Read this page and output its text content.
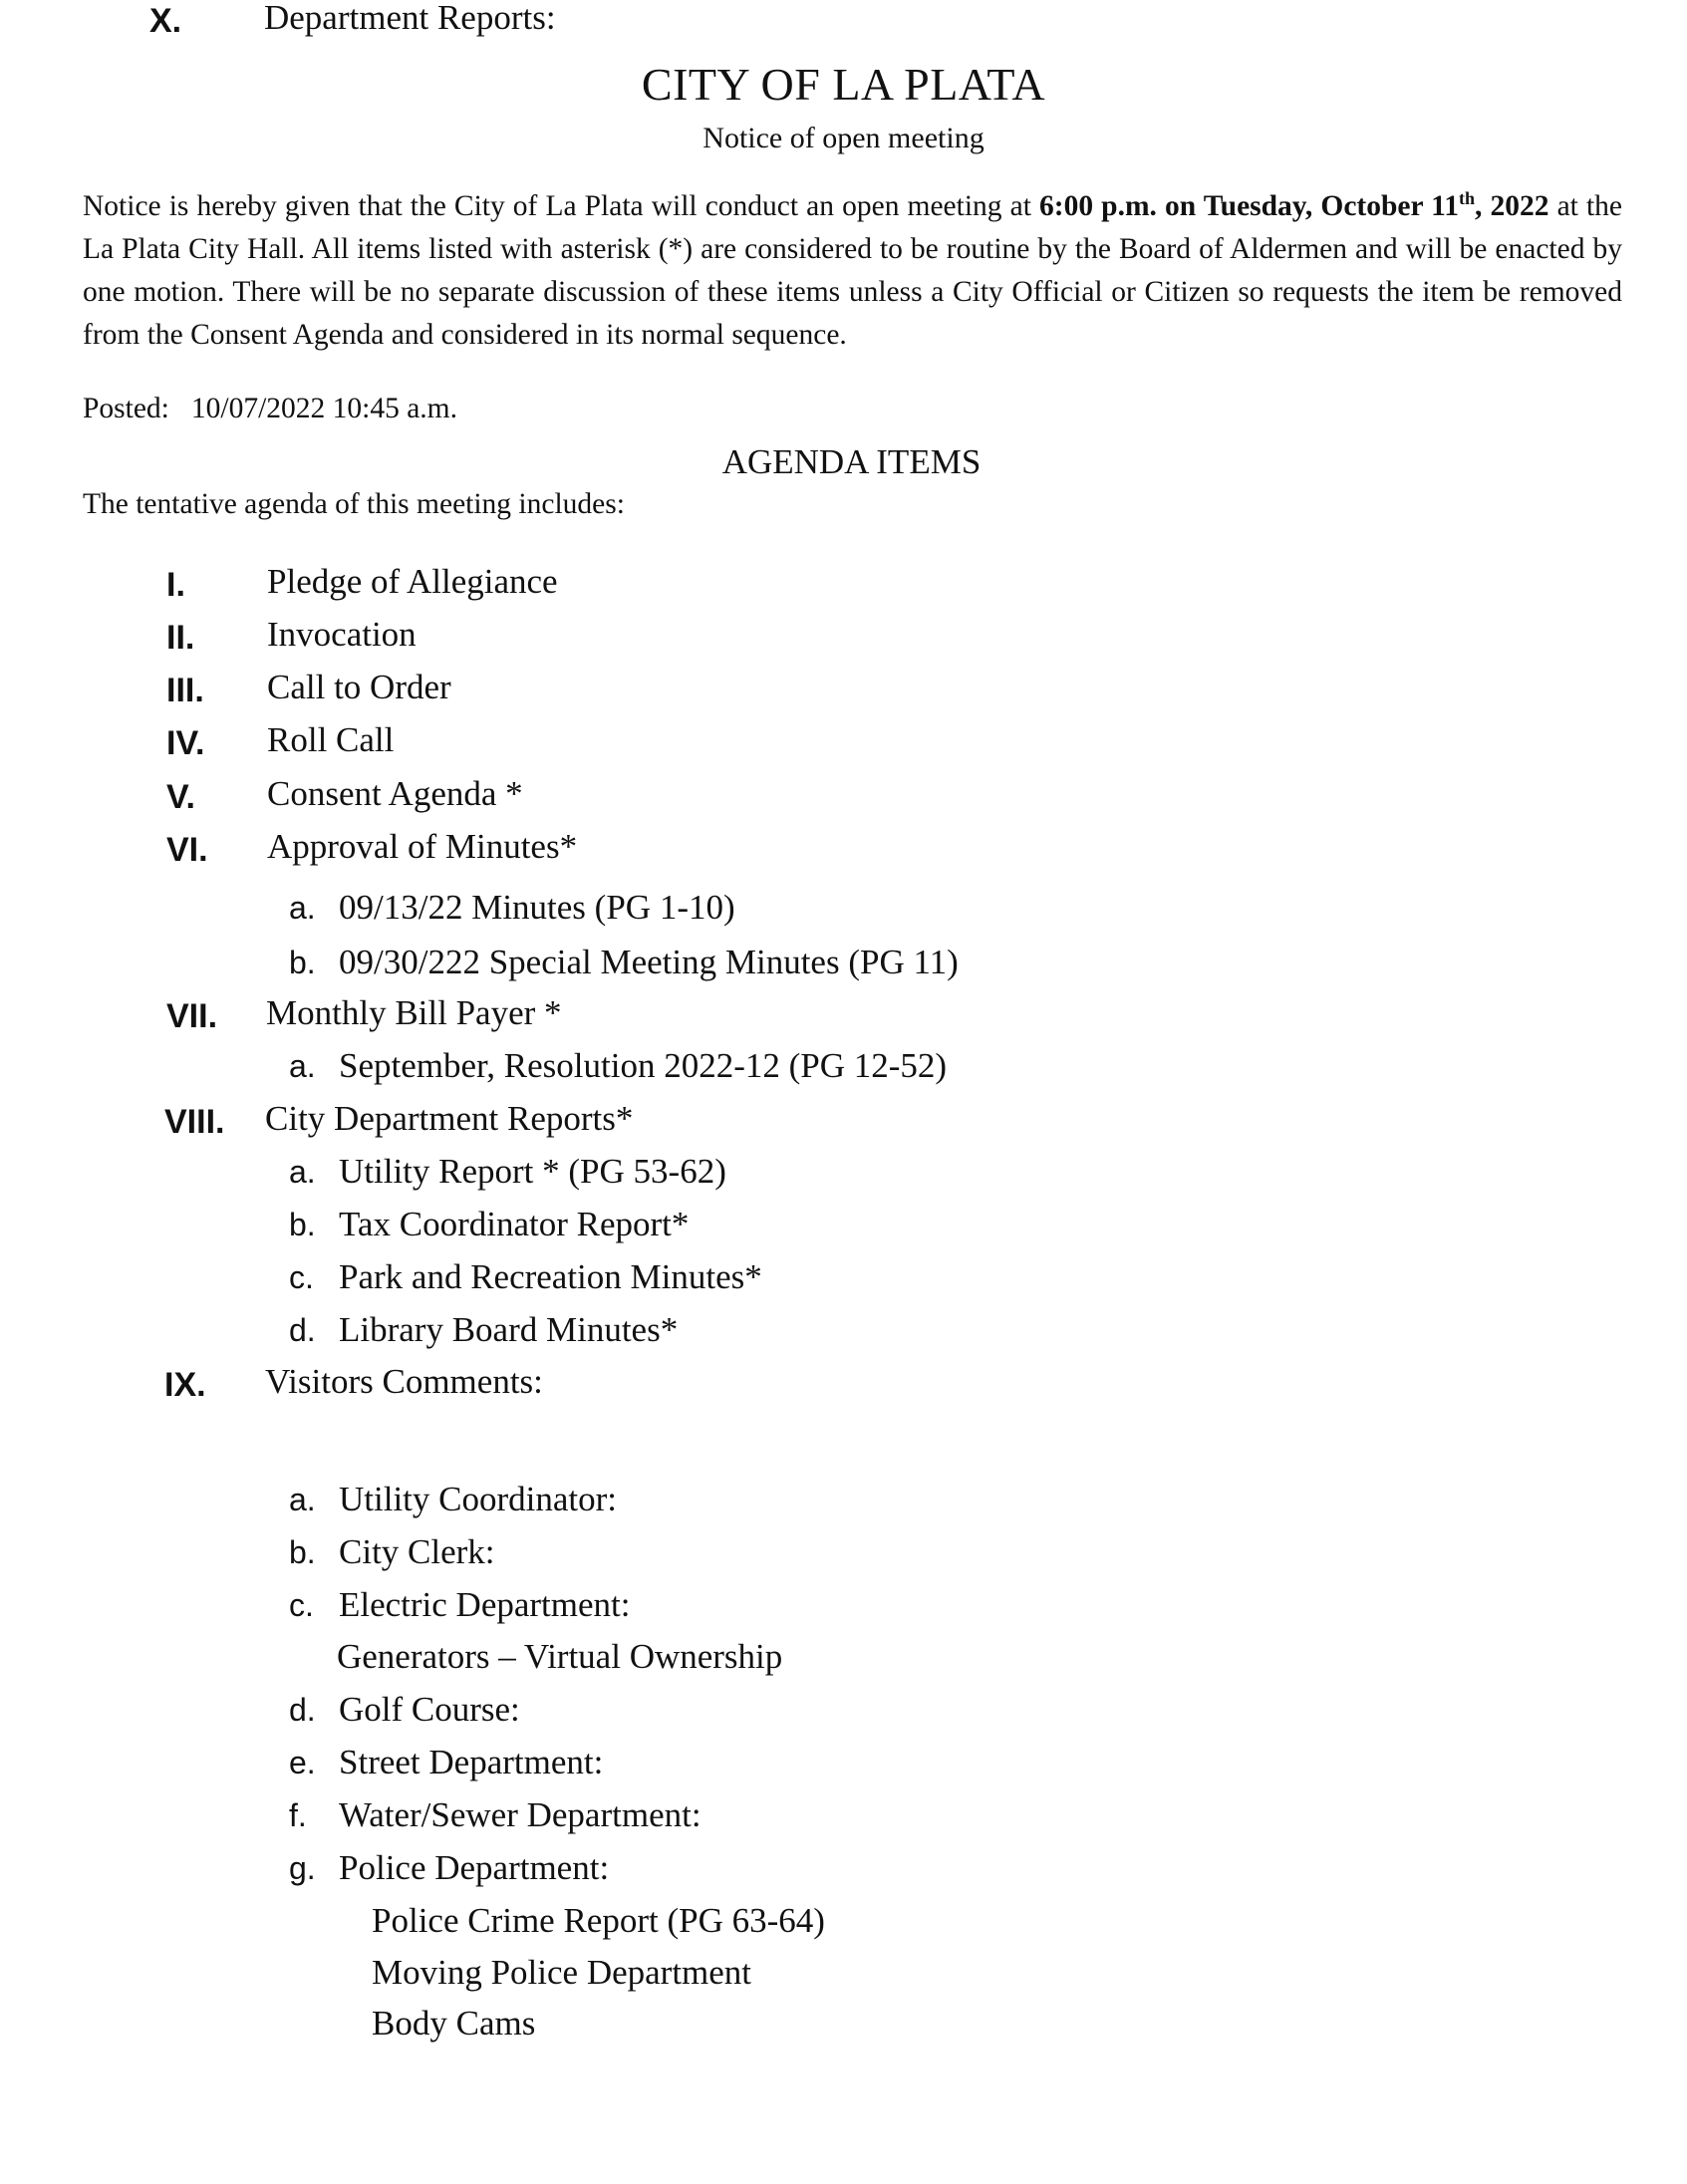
CITY OF LA PLATA
Notice of open meeting
Notice is hereby given that the City of La Plata will conduct an open meeting at 6:00 p.m. on Tuesday, October 11th, 2022 at the La Plata City Hall. All items listed with asterisk (*) are considered to be routine by the Board of Aldermen and will be enacted by one motion. There will be no separate discussion of these items unless a City Official or Citizen so requests the item be removed from the Consent Agenda and considered in its normal sequence.
Posted: 10/07/2022 10:45 a.m.
AGENDA ITEMS
The tentative agenda of this meeting includes:
I. Pledge of Allegiance
II. Invocation
III. Call to Order
IV. Roll Call
V. Consent Agenda *
VI. Approval of Minutes*
a. 09/13/22 Minutes (PG 1-10)
b. 09/30/222 Special Meeting Minutes (PG 11)
VII. Monthly Bill Payer *
a. September, Resolution 2022-12 (PG 12-52)
VIII. City Department Reports*
a. Utility Report * (PG 53-62)
b. Tax Coordinator Report*
c. Park and Recreation Minutes*
d. Library Board Minutes*
IX. Visitors Comments:
X. Department Reports:
a. Utility Coordinator:
b. City Clerk:
c. Electric Department:
Generators – Virtual Ownership
d. Golf Course:
e. Street Department:
f. Water/Sewer Department:
g. Police Department:
Police Crime Report (PG 63-64)
Moving Police Department
Body Cams
